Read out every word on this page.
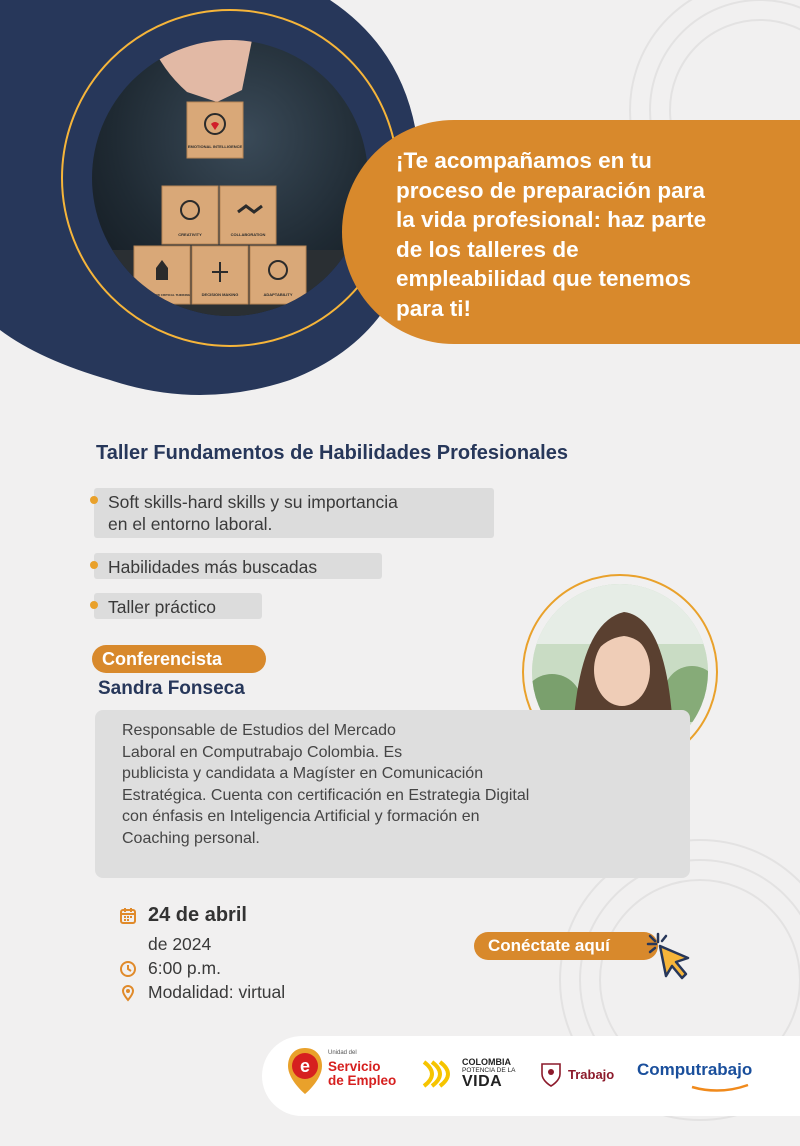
EMOTIONAL INTELLIGENCE
CREATIVITY	COLLABORATION
ANALYTICAL AND CRITICAL THINKING	DECISION MAKING	ADAPTABILITY
¡Te acompañamos en tu proceso de preparación para la vida profesional: haz parte de los talleres de empleabilidad que tenemos para ti!
Taller Fundamentos de Habilidades Profesionales
Soft skills-hard skills y su importancia
en el entorno laboral.
Habilidades más buscadas
Taller práctico
Conferencista
Sandra Fonseca
Responsable de Estudios del Mercado
Laboral en Computrabajo Colombia. Es
publicista y candidata a Magíster en Comunicación
Estratégica. Cuenta con certificación en Estrategia Digital
con énfasis en Inteligencia Artificial y formación en
Coaching personal.
24 de abril
de 2024
6:00 p.m.
Modalidad: virtual
Conéctate aquí
e
Unidad del
Servicio
de Empleo
COLOMBIA
POTENCIA DE LA
VIDA	Trabajo Computrabajo
